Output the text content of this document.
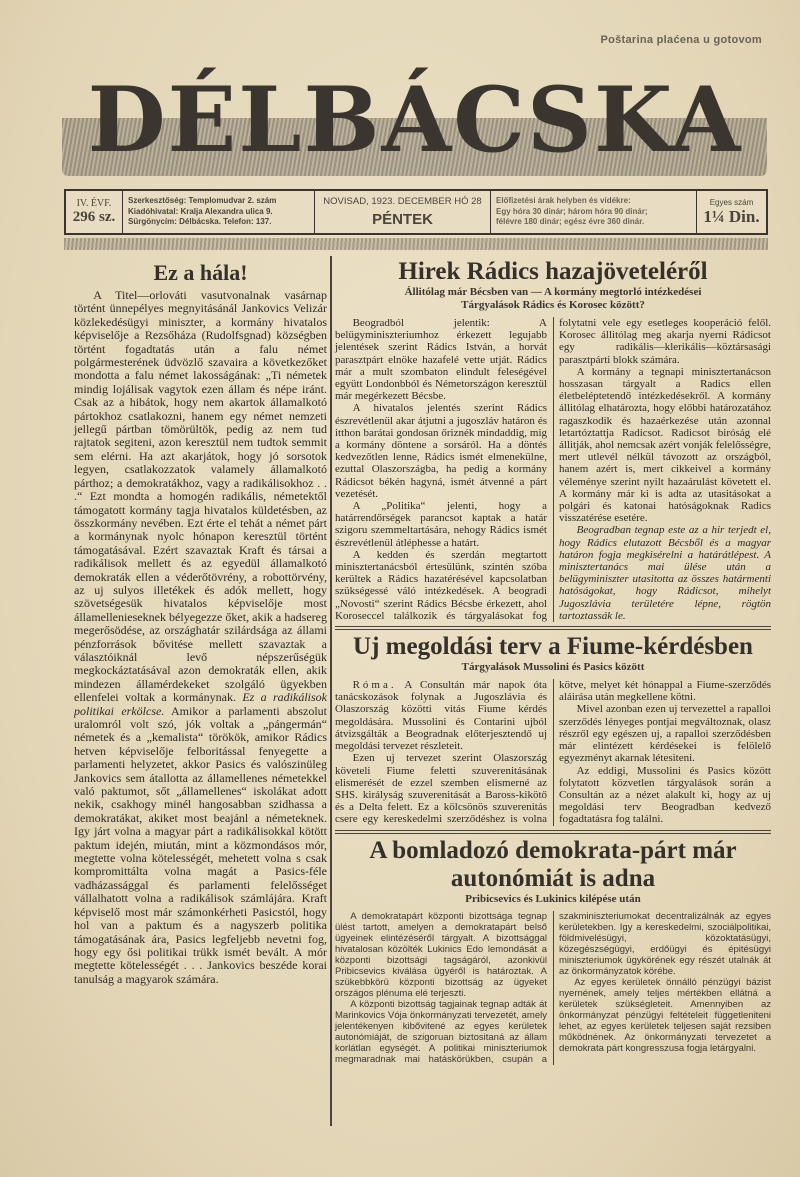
Poštarina plaćena u gotovom
DÉLBÁCSKA
IV. ÉVF.
296 sz.
Szerkesztőség: Templomudvar 2. szám
Kiadóhivatal: Kralja Alexandra ulica 9.
Sürgönycím: Délbácska. Telefon: 137.
NOVISAD, 1923. DECEMBER HÓ 28
PÉNTEK
Előfizetési árak helyben és vidékre:
Egy hóra 30 dinár; három hóra 90 dinár;
félévre 180 dinár; egész évre 360 dinár.
Egyes szám
1¼ Din.
Ez a hála!

A Titel—orlováti vasutvonalnak vasárnap történt ünnepélyes megnyitásánál Jankovics Velizár közlekedésügyi miniszter, a kormány hivatalos képviselője a Rezsőháza (Rudolfsgnad) községben történt fogadtatás után a falu német polgármesterének üdvözlő szavaira a következőket mondotta a falu német lakosságának: „Ti németek mindig lojálisak vagytok ezen állam és népe iránt. Csak az a hibátok, hogy nem akartok államalkotó pártokhoz csatlakozni, hanem egy német nemzeti jellegű pártban tömörültök, pedig az nem tud rajtatok segiteni, azon keresztül nem tudtok semmit sem elérni. Ha azt akarjátok, hogy jó sorsotok legyen, csatlakozzatok valamely államalkotó párthoz; a demokratákhoz, vagy a radikálisokhoz . . .“ Ezt mondta a homogén radikális, németektől támogatott kormány tagja hivatalos küldetésben, az összkormány nevében. Ezt érte el tehát a német párt a kormánynak nyolc hónapon keresztül történt támogatásával. Ezért szavaztak Kraft és társai a radikálisok mellett és az egyedül államalkotó demokraták ellen a véderőtövrény, a robottörvény, az uj sulyos illetékek és adók mellett, hogy szövetségesük hivatalos képviselője most államellenieseknek bélyegezze őket, akik a hadsereg megerősödése, az országhatár szilárdsága az állami pénzforrások bővitése mellett szavaztak a választóiknál levő népszerűségük megkockáztatásával azon demokraták ellen, akik mindezen államérdekeket szolgáló ügyekben ellenfelei voltak a kormánynak. Ez a radikálisok politikai erkölcse. Amikor a parlamenti abszolut uralomról volt szó, jók voltak a „pángermán“ németek és a „kemalista“ törökök, amikor Rádics hetven képviselője felboritással fenyegette a parlamenti helyzetet, akkor Pasics és valószinüleg Jankovics sem átallotta az államellenes németekkel való paktumot, sőt „államellenes“ iskolákat adott nekik, csakhogy minél hangosabban szidhassa a demokratákat, akiket most beajánl a németeknek. Igy járt volna a magyar párt a radikálisokkal kötött paktum idején, miután, mint a közmondásos mór, megtette volna kötelességét, mehetett volna s csak kompromittálta volna magát a Pasics-féle vadházassággal és parlamenti felelősséget vállalhatott volna a radikálisok számlájára. Kraft képviselő most már számonkérheti Pasicstól, hogy hol van a paktum és a nagyszerb politika támogatásának ára, Pasics legfeljebb nevetni fog, hogy egy ősi politikai trükk ismét bevált. A mór megtette kötelességét . . . Jankovics beszéde korai tanulság a magyarok számára.

Hirek Rádics hazajöveteléről
Állitólag már Bécsben van — A kormány megtorló intézkedései
Tárgyalások Rádics és Korosec között?

Beogradból jelentik: A belügyminiszteriumhoz érkezett legujabb jelentések szerint Rádics István, a horvát parasztpárt elnöke hazafelé vette utját. Rádics már a mult szombaton elindult feleségével együtt Londonbból és Németországon keresztül már megérkezett Bécsbe.

A hivatalos jelentés szerint Rádics észrevétlenül akar átjutni a jugoszláv határon és itthon barátai gondosan őriznék mindaddig, mig a kormány döntene a sorsáról. Ha a döntés kedvezőtlen lenne, Rádics ismét elmenekülne, ezuttal Olaszországba, ha pedig a kormány Rádicsot békén hagyná, ismét átvenné a párt vezetését.

A „Politika“ jelenti, hogy a határrendőrségek parancsot kaptak a határ szigoru szemmeltartására, nehogy Rádics ismét észrevétlenül átléphesse a határt.

A kedden és szerdán megtartott minisztertanácsból értesülünk, szintén szóba kerültek a Rádics hazatérésével kapcsolatban szükségessé váló intézkedések. A beogradi „Novosti“ szerint Rádics Bécsbe érkezett, ahol Koroseccel találkozik és tárgyalásokat fog folytatni vele egy esetleges kooperáció felől. Korosec állitólag meg akarja nyerni Rádicsot egy radikális—klerikális—köztársasági parasztpárti blokk számára.

A kormány a tegnapi minisztertanácson hosszasan tárgyalt a Radics ellen életbeléptetendő intézkedésekről. A kormány állitólag elhatározta, hogy előbbi határozatához ragaszkodik és hazaérkezése után azonnal letartóztattja Radicsot. Radicsot biróság elé állitják, ahol nemcsak azért vonják felelősségre, mert utlevél nélkül távozott az országból, hanem azért is, mert cikkeivel a kormány véleménye szerint nyilt hazaárulást követett el. A kormány már ki is adta az utasitásokat a polgári és katonai hatóságoknak Radics visszatérése esetére.

Beogradban tegnap este az a hir terjedt el, hogy Rádics elutazott Bécsből és a magyar határon fogja megkisérelni a határátlépest. A minisztertanács mai ülése után a belügyminiszter utasitotta az összes határmenti hatóságokat, hogy Rádicsot, mihelyt Jugoszlávia területére lépne, rögtön tartoztassák le.

Uj megoldási terv a Fiume-kérdésben
Tárgyalások Mussolini és Pasics között

Róma. A Consultán már napok óta tanácskozások folynak a Jugoszlávia és Olaszország közötti vitás Fiume kérdés megoldására. Mussolini és Contarini ujból átvizsgálták a Beogradnak előterjesztendő uj megoldási tervezet részleteit.

Ezen uj tervezet szerint Olaszország követeli Fiume feletti szuverenitásának elismerését de ezzel szemben elismerné az SHS. királyság szuverenitását a Baross-kikötő és a Delta felett. Ez a kölcsönös szuverenitás csere egy kereskedelmi szerződéshez is volna kötve, melyet két hónappal a Fiume-szerződés aláirása után megkellene kötni.

Mivel azonban ezen uj tervezettel a rapalloi szerződés lényeges pontjai megváltoznak, olasz részről egy egészen uj, a rapalloi szerződésben már elintézett kérdésekei is felölelő egyezményt akarnak létesiteni.

Az eddigi, Mussolini és Pasics között folytatott közvetlen tárgyalások során a Consultán az a nézet alakult ki, hogy az uj megoldási terv Beogradban kedvező fogadtatásra fog találni.

A bomladozó demokrata-párt már
autonómiát is adna
Pribicsevics és Lukinics kilépése után

A demokratapárt központi bizottsága tegnap ülést tartott, amelyen a demokratapárt belső ügyeinek elintézéséről tárgyalt. A bizottsággal hivatalosan közölték Lukinics Edo lemondását a központi bizottsági tagságáról, azonkivül Pribicsevics kiválása ügyéről is határoztak. A szükebbkörü központi bizottság az ügyeket országos plénuma elé terjeszti.

A központi bizottság tagjainak tegnap adták át Marinkovics Vója önkormányzati tervezetét, amely jelentékenyen kibővitené az egyes kerületek autonómiáját, de szigoruan biztositaná az állam korlátlan egységét. A politikai miniszteriumok megmaradnak mai hatáskörükben, csupán a szakminiszteriumokat decentralizálnák az egyes kerületekben. Igy a kereskedelmi, szociálpolitikai, földmivelésügyi, közoktatásügyi, közegészségügyi, erdőügyi és épitésügyi miniszteriumok ügykörének egy részét utalnák át az önkormányzatok körébe.

Az egyes kerületek önnálló pénzügyi bázist nyernének, amely teljes mértékben ellátná a kerületek szükségleteit. Amennyiben az önkormányzat pénzügyi feltételeit függetleniteni lehet, az egyes kerületek teljesen saját rezsiben működnének. Az önkormányzati tervezetet a demokrata párt kongresszusa fogja letárgyalni.
